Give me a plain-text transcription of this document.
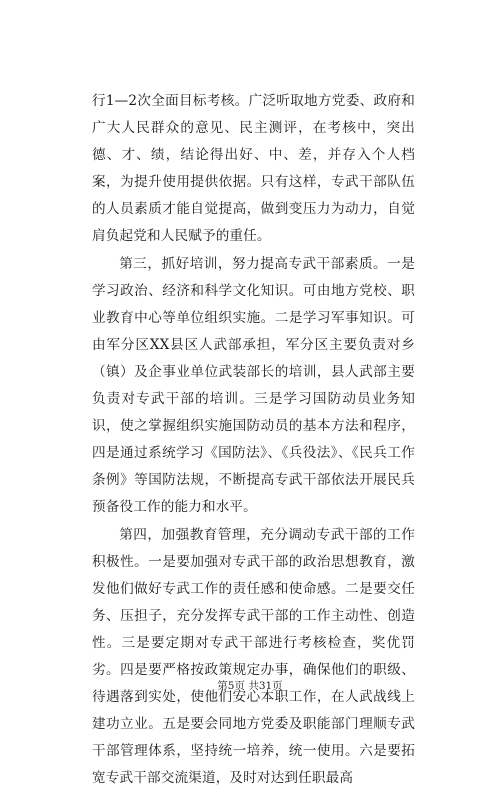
行1—2次全面目标考核。广泛听取地方党委、政府和广大人民群众的意见、民主测评，在考核中，突出德、才、绩，结论得出好、中、差，并存入个人档案，为提升使用提供依据。只有这样，专武干部队伍的人员素质才能自觉提高，做到变压力为动力，自觉肩负起党和人民赋予的重任。

第三，抓好培训，努力提高专武干部素质。一是学习政治、经济和科学文化知识。可由地方党校、职业教育中心等单位组织实施。二是学习军事知识。可由军分区XX县区人武部承担，军分区主要负责对乡（镇）及企事业单位武装部长的培训，县人武部主要负责对专武干部的培训。三是学习国防动员业务知识，使之掌握组织实施国防动员的基本方法和程序，四是通过系统学习《国防法》、《兵役法》、《民兵工作条例》等国防法规，不断提高专武干部依法开展民兵预备役工作的能力和水平。

第四，加强教育管理，充分调动专武干部的工作积极性。一是要加强对专武干部的政治思想教育，激发他们做好专武工作的责任感和使命感。二是要交任务、压担子，充分发挥专武干部的工作主动性、创造性。三是要定期对专武干部进行考核检查，奖优罚劣。四是要严格按政策规定办事，确保他们的职级、待遇落到实处，使他们安心本职工作，在人武战线上建功立业。五是要会同地方党委及职能部门理顺专武干部管理体系，坚持统一培养，统一使用。六是要拓宽专武干部交流渠道，及时对达到任职最高

第5页 共31页
